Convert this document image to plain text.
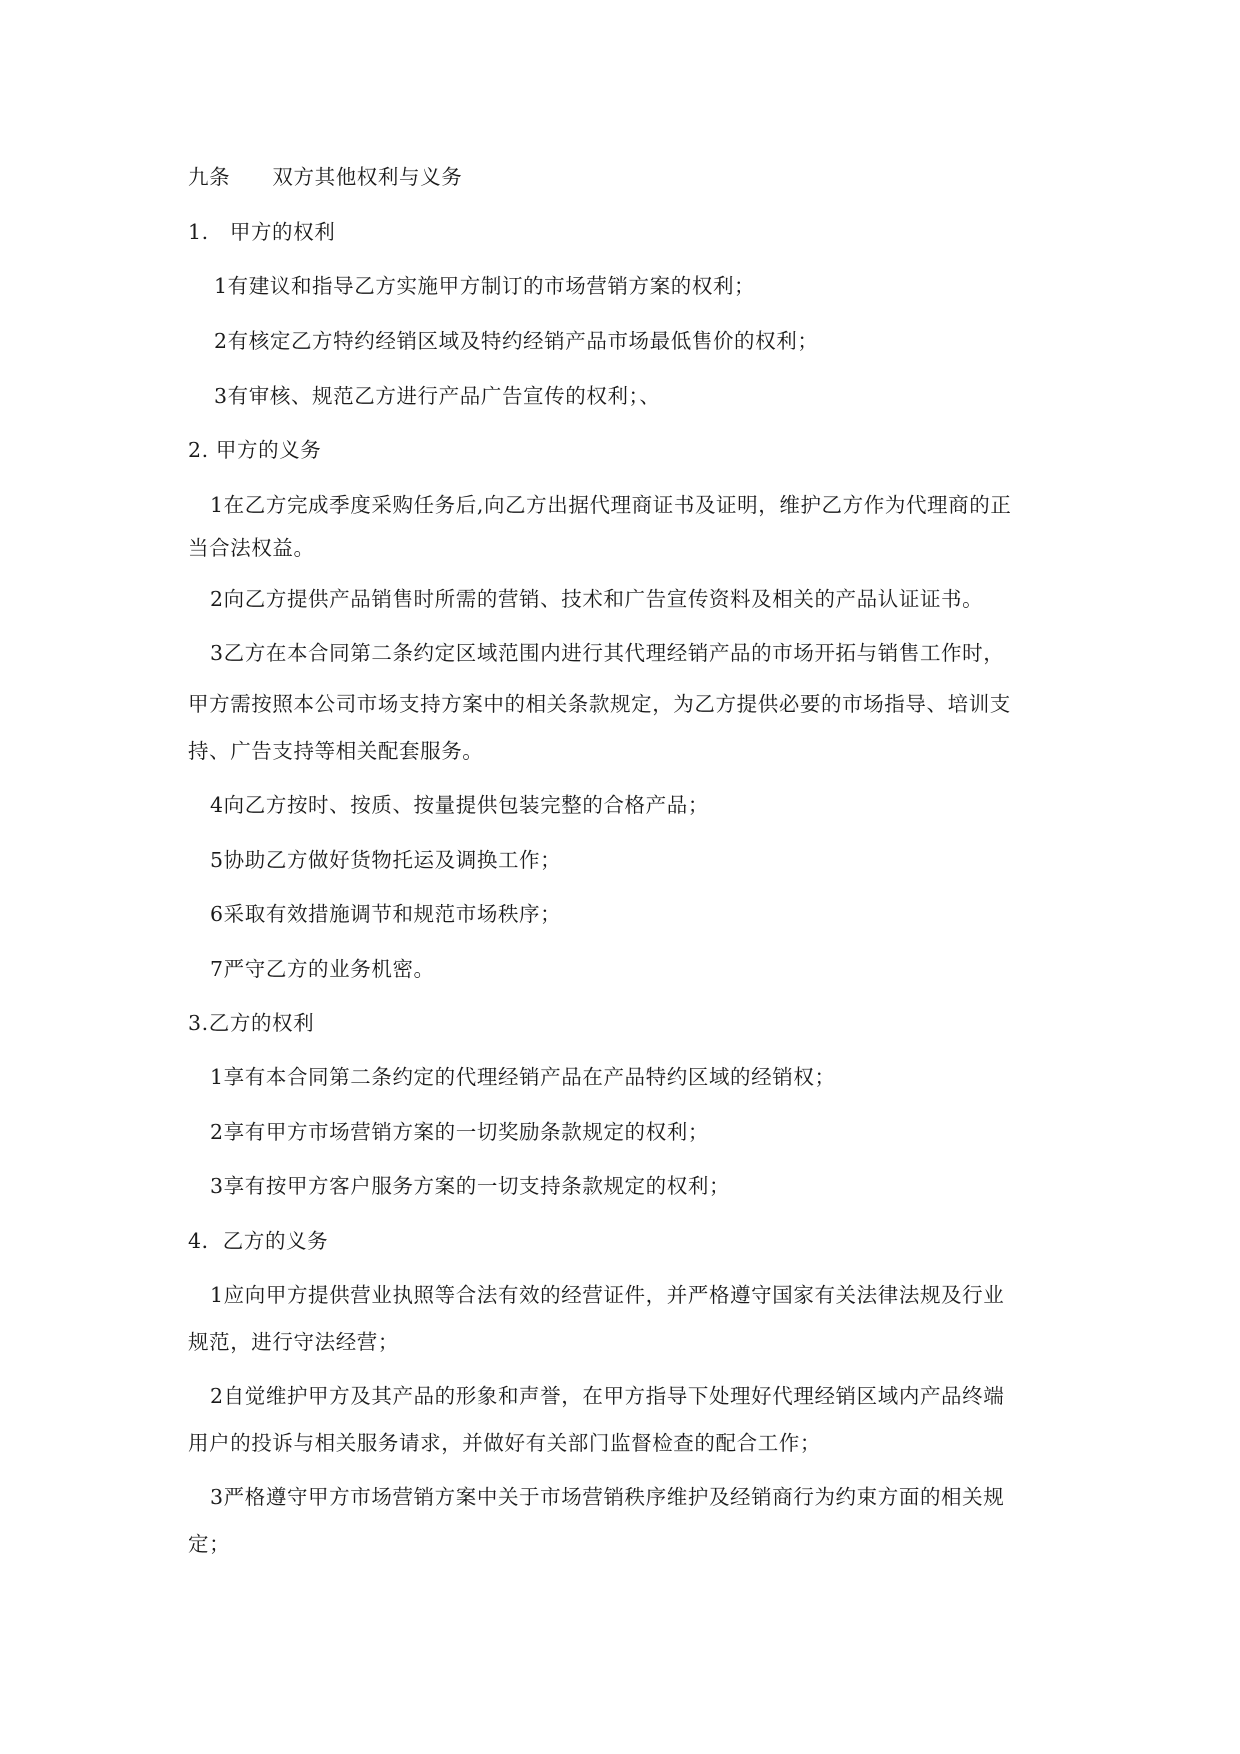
九条　　双方其他权利与义务
1.　甲方的权利
1有建议和指导乙方实施甲方制订的市场营销方案的权利；
2有核定乙方特约经销区域及特约经销产品市场最低售价的权利；
3有审核、规范乙方进行产品广告宣传的权利；、
2. 甲方的义务
1在乙方完成季度采购任务后,向乙方出据代理商证书及证明，维护乙方作为代理商的正
当合法权益。
2向乙方提供产品销售时所需的营销、技术和广告宣传资料及相关的产品认证证书。
3乙方在本合同第二条约定区域范围内进行其代理经销产品的市场开拓与销售工作时，
甲方需按照本公司市场支持方案中的相关条款规定，为乙方提供必要的市场指导、培训支
持、广告支持等相关配套服务。
4向乙方按时、按质、按量提供包装完整的合格产品；
5协助乙方做好货物托运及调换工作；
6采取有效措施调节和规范市场秩序；
7严守乙方的业务机密。
3.乙方的权利
1享有本合同第二条约定的代理经销产品在产品特约区域的经销权；
2享有甲方市场营销方案的一切奖励条款规定的权利；
3享有按甲方客户服务方案的一切支持条款规定的权利；
4．乙方的义务
1应向甲方提供营业执照等合法有效的经营证件，并严格遵守国家有关法律法规及行业
规范，进行守法经营；
2自觉维护甲方及其产品的形象和声誉，在甲方指导下处理好代理经销区域内产品终端
用户的投诉与相关服务请求，并做好有关部门监督检查的配合工作；
3严格遵守甲方市场营销方案中关于市场营销秩序维护及经销商行为约束方面的相关规
定；
